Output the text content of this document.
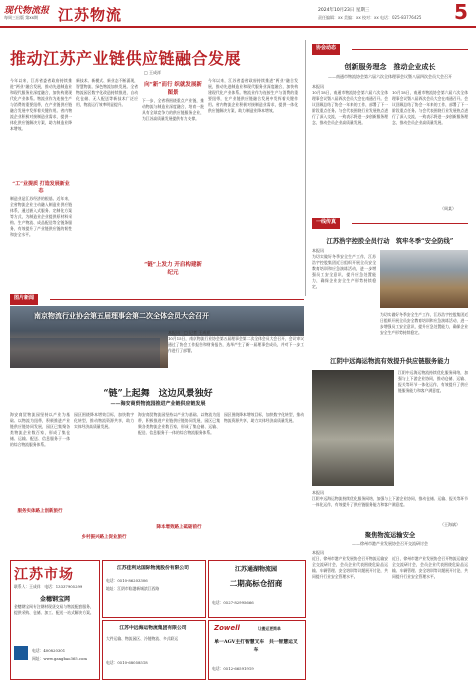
现代物流报
每周三出版 第xx期 江苏物流	2024年10月23日 星期三
责任编辑：xx 美编：xx 校对：xx 电话：025-83776425 5
推动江苏产业链供应链融合发展
□ 王成祥
今年以来，江苏省委省政府持续推进“两业”融合发展，推动先进制造业和现代服务业深度融合，加快构建现代化产业体系。物流业作为连接生产与消费的重要纽带，在产业链供应链融合发展中发挥着关键作用。省内物流企业积极对接制造业需求，提供一体化供应链解决方案，助力制造业降本增效。
“工”业提质 打造发展新业态
制造业是江苏经济的根基。近年来，全省物流企业主动融入制造业供应链体系，通过嵌入式服务、定制化方案等方式，为制造业企业提供原材料采购、生产物流、成品配送等全链条服务，有效提升了产业链供应链的韧性和安全水平。
新技术、新模式、新业态不断涌现，智慧物流、绿色物流加快发展。全省物流园区数字化改造持续推进，自动化仓储、无人配送等新技术广泛应用，物流运行效率明显提升。
向“新”而行 织就发展新图景
下一步，全省将围绕重点产业链，推动物流与制造业深度融合，培育一批具有全球竞争力的供应链服务企业，为江苏高质量发展提供有力支撑。
“链”上发力 开启构建新纪元
今年以来，江苏省委省政府持续推进“两业”融合发展，推动先进制造业和现代服务业深度融合，加快构建现代化产业体系。物流业作为连接生产与消费的重要纽带，在产业链供应链融合发展中发挥着关键作用。省内物流企业积极对接制造业需求，提供一体化供应链解决方案，助力制造业降本增效。
协会动态
创新服务理念　推动企业成长
——南通市物流协会第六届六次全体理事会议暨八届四次会员大会召开
本报讯
10月18日，南通市物流协会第六届六次全体理事会议暨八届四次会员大会在南通召开。会议回顾总结了协会一年来的工作，部署了下一阶段重点任务。与会代表围绕行业发展热点进行了深入交流，一致表示将进一步创新服务理念，推动会员企业高质量发展。
10月18日，南通市物流协会第六届六次全体理事会议暨八届四次会员大会在南通召开。会议回顾总结了协会一年来的工作，部署了下一阶段重点任务。与会代表围绕行业发展热点进行了深入交流，一致表示将进一步创新服务理念，推动会员企业高质量发展。
（周某）
一线传真
江苏浩宇控股全员行动　筑牢冬季“安全防线”
本报讯
为切实做好冬季安全生产工作，江苏浩宇控股集团近日组织开展全员安全教育培训和应急演练活动，进一步增强员工安全意识，提升应急处置能力，确保企业安全生产形势持续稳定。
为切实做好冬季安全生产工作，江苏浩宇控股集团近日组织开展全员安全教育培训和应急演练活动，进一步增强员工安全意识，提升应急处置能力，确保企业安全生产形势持续稳定。
江阴中远海运物流有效提升供应链服务能力
江阴中远海运物流持续优化服务网络，加强与上下游企业协同，推动仓储、运输、报关等环节一体化运作，有效提升了供应链服务能力和客户满意度。
本报讯
江阴中远海运物流持续优化服务网络，加强与上下游企业协同，推动仓储、运输、报关等环节一体化运作，有效提升了供应链服务能力和客户满意度。
（王海斌）
聚焦物流运输安全
——徐州市港产业发展协会召开交流研讨会
本报讯
近日，徐州市港产业发展协会召开物流运输安全交流研讨会，会员企业代表围绕危险品运输、车辆管理、安全培训等议题展开讨论，共同提升行业安全管理水平。
近日，徐州市港产业发展协会召开物流运输安全交流研讨会，会员企业代表围绕危险品运输、车辆管理、安全培训等议题展开讨论，共同提升行业安全管理水平。
图片新闻
南京物流行业协会第五届理事会第二次全体会员大会召开
本报讯　□ 记者 王成祥
10月15日，南京物流行业协会第五届理事会第二次全体会员大会召开，会议审议通过了协会工作报告和财务报告，选举产生了新一届理事会成员，并对下一步工作进行了部署。
“链”上起舞　这边风景独好
——海安商贸物流园推进产业链供应链发展
海安商贸物流园坚持以产业为基础、以物流为纽带，积极推进产业链供应链协同发展，园区已集聚各类物流企业数百家，形成了集仓储、运输、配送、信息服务于一体的综合物流服务体系。
服务实体路上创新旅行
园区围绕降本增效目标，加快数字化转型，推动物流资源共享，助力实体经济高质量发展。
乡村振兴路上促业旅行
海安商贸物流园坚持以产业为基础、以物流为纽带，积极推进产业链供应链协同发展，园区已集聚各类物流企业数百家，形成了集仓储、运输、配送、信息服务于一体的综合物流服务体系。
降本增效路上砥砺前行
园区围绕降本增效目标，加快数字化转型，推动物流资源共享，助力实体经济高质量发展。
江苏市场
联系人：王成祥　电话：13337905299
金穗钢宝网
金穗钢宝网专注钢材现货交易与物流配套服务，提供采购、仓储、加工、配送一站式解决方案。
电话：400820301
网址：www.gangbao365.com
江苏佳利达国际物流股份有限公司
电话：0510-86203306
地址：江阴市临港新城滨江西路
江苏中远海运物流集团有限公司
大件运输、物流园区、冷链物流、多式联运
电话：0510-68058518
江苏通湖物流园
二期高标仓招商
电话：0527-82995666
Zowell	让搬运更简单
单一AGV主打智慧叉车　共一智慧运叉车
电话：0512-66591919
